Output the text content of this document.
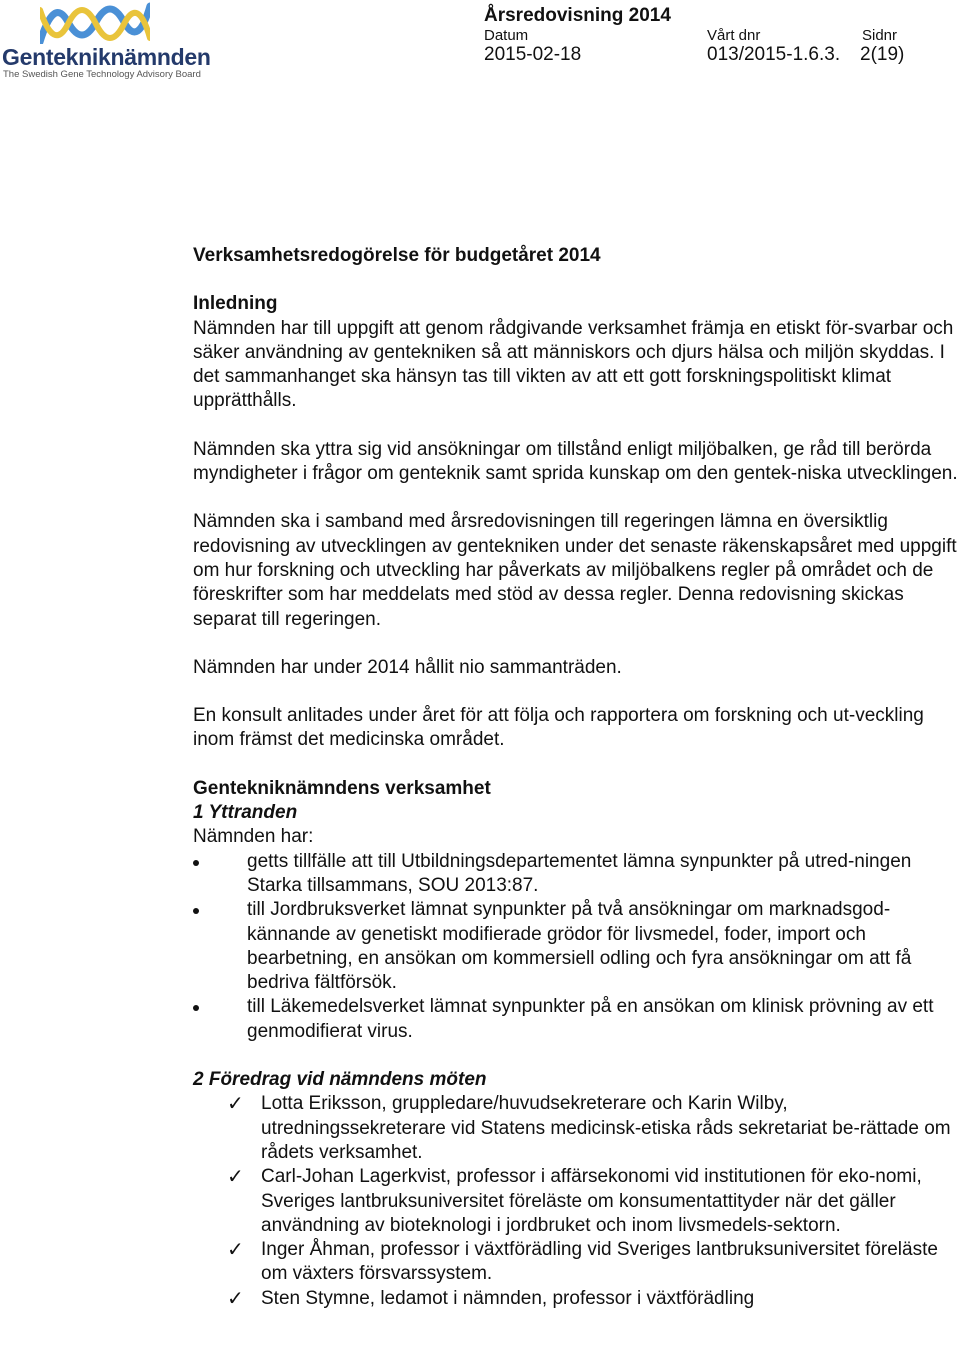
Gentekniknämnden
The Swedish Gene Technology Advisory Board
Årsredovisning 2014
Datum
2015-02-18
Vårt dnr
013/2015-1.6.3.
Sidnr
2(19)

Verksamhetsredogörelse för budgetåret 2014

Inledning

Nämnden har till uppgift att genom rådgivande verksamhet främja en etiskt för-svarbar och säker användning av gentekniken så att människors och djurs hälsa och miljön skyddas. I det sammanhanget ska hänsyn tas till vikten av att ett gott forskningspolitiskt klimat upprätthålls.

Nämnden ska yttra sig vid ansökningar om tillstånd enligt miljöbalken, ge råd till berörda myndigheter i frågor om genteknik samt sprida kunskap om den gentek-niska utvecklingen.

Nämnden ska i samband med årsredovisningen till regeringen lämna en översiktlig redovisning av utvecklingen av gentekniken under det senaste räkenskapsåret med uppgift om hur forskning och utveckling har påverkats av miljöbalkens regler på området och de föreskrifter som har meddelats med stöd av dessa regler. Denna redovisning skickas separat till regeringen.

Nämnden har under 2014 hållit nio sammanträden.

En konsult anlitades under året för att följa och rapportera om forskning och ut-veckling inom främst det medicinska området.

Gentekniknämndens verksamhet

1 Yttranden

Nämnden har:

getts tillfälle att till Utbildningsdepartementet lämna synpunkter på utred-ningen Starka tillsammans, SOU 2013:87.
till Jordbruksverket lämnat synpunkter på två ansökningar om marknadsgod-kännande av genetiskt modifierade grödor för livsmedel, foder, import och bearbetning, en ansökan om kommersiell odling och fyra ansökningar om att få bedriva fältförsök.
till Läkemedelsverket lämnat synpunkter på en ansökan om klinisk prövning av ett genmodifierat virus.

2 Föredrag vid nämndens möten

✓ Lotta Eriksson, gruppledare/huvudsekreterare och Karin Wilby, utredningssekreterare vid Statens medicinsk-etiska råds sekretariat be-rättade om rådets verksamhet.
✓ Carl-Johan Lagerkvist, professor i affärsekonomi vid institutionen för eko-nomi, Sveriges lantbruksuniversitet föreläste om konsumentattityder när det gäller användning av bioteknologi i jordbruket och inom livsmedels-sektorn.
✓ Inger Åhman, professor i växtförädling vid Sveriges lantbruksuniversitet föreläste om växters försvarssystem.
✓ Sten Stymne, ledamot i nämnden, professor i växtförädling
